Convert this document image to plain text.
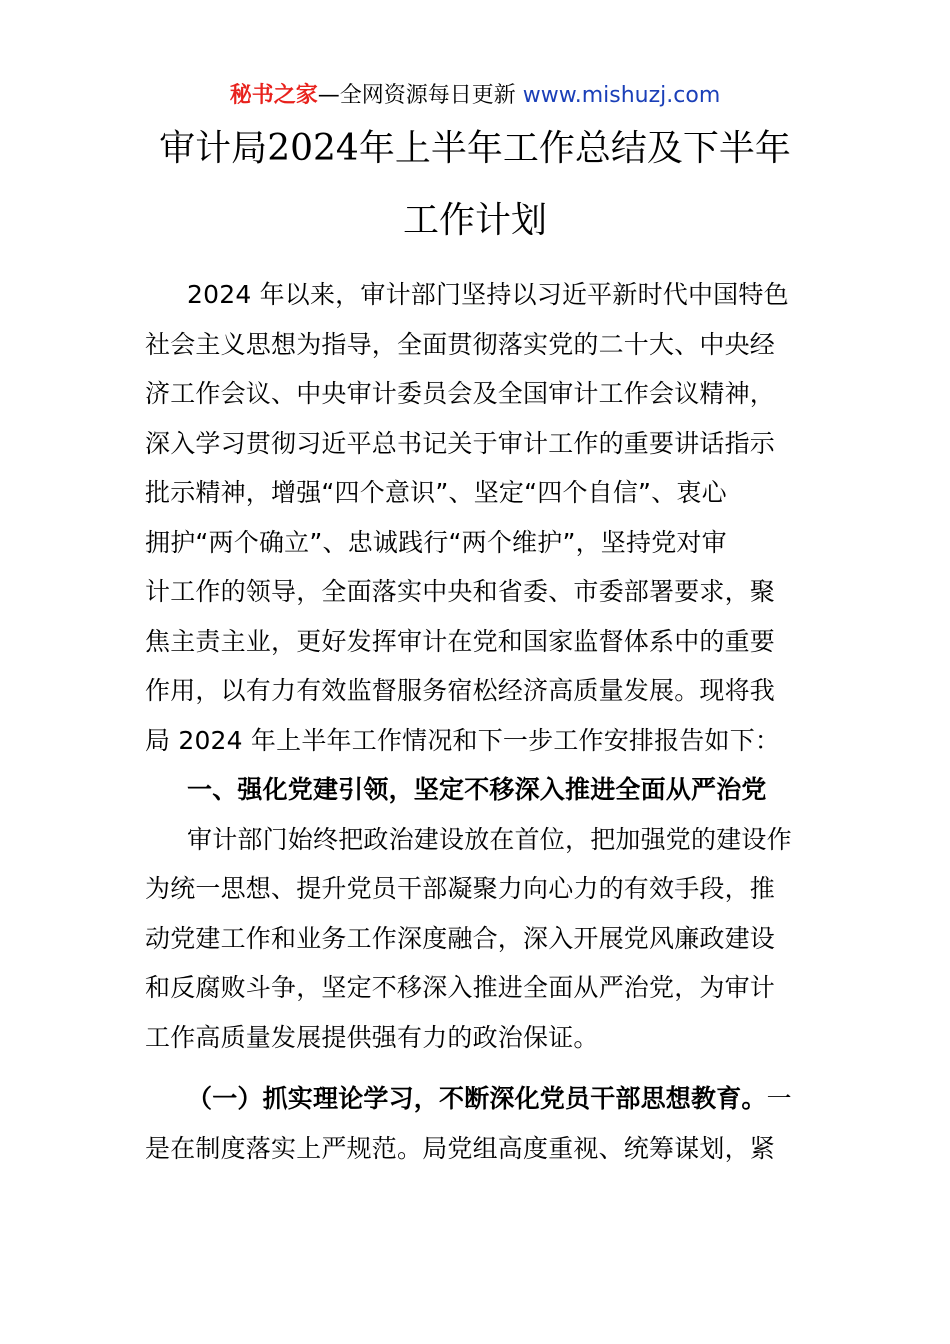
秘书之家—全网资源每日更新 www.mishuzj.com
审计局2024年上半年工作总结及下半年
工作计划
2024 年以来，审计部门坚持以习近平新时代中国特色
社会主义思想为指导，全面贯彻落实党的二十大、中央经
济工作会议、中央审计委员会及全国审计工作会议精神，
深入学习贯彻习近平总书记关于审计工作的重要讲话指示
批示精神，增强“四个意识”、坚定“四个自信”、衷心
拥护“两个确立”、忠诚践行“两个维护”，坚持党对审
计工作的领导，全面落实中央和省委、市委部署要求，聚
焦主责主业，更好发挥审计在党和国家监督体系中的重要
作用，以有力有效监督服务宿松经济高质量发展。现将我
局 2024 年上半年工作情况和下一步工作安排报告如下：
一、强化党建引领，坚定不移深入推进全面从严治党
审计部门始终把政治建设放在首位，把加强党的建设作
为统一思想、提升党员干部凝聚力向心力的有效手段，推
动党建工作和业务工作深度融合，深入开展党风廉政建设
和反腐败斗争，坚定不移深入推进全面从严治党，为审计
工作高质量发展提供强有力的政治保证。
（一）抓实理论学习，不断深化党员干部思想教育。一
是在制度落实上严规范。局党组高度重视、统筹谋划，紧
